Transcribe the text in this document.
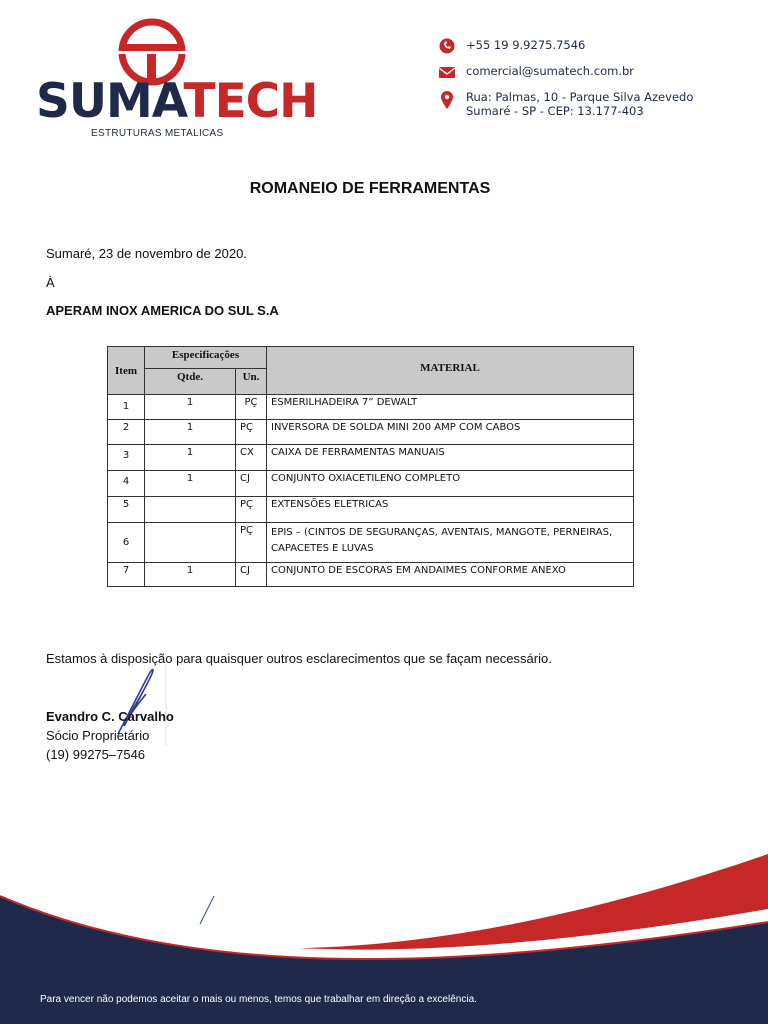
SUMATECH
ESTRUTURAS METALICAS
+55 19 9.9275.7546
comercial@sumatech.com.br
Rua: Palmas, 10 - Parque Silva Azevedo
Sumaré - SP - CEP: 13.177-403
ROMANEIO DE FERRAMENTAS
Sumaré, 23 de novembro de 2020.
À
APERAM INOX AMERICA DO SUL S.A
Item	Especificações		MATERIAL
	Qtde.	Un.	
1	1	PÇ	ESMERILHADEIRA 7” DEWALT
2	1	PÇ	INVERSORA DE SOLDA MINI 200 AMP COM CABOS
3	1	CX	CAIXA DE FERRAMENTAS MANUAIS
4	1	CJ	CONJUNTO OXIACETILENO COMPLETO
5		PÇ	EXTENSÕES ELETRICAS
6		PÇ	EPIS – (CINTOS DE SEGURANÇAS, AVENTAIS, MANGOTE, PERNEIRAS, CAPACETES E LUVAS
7	1	CJ	CONJUNTO DE ESCORAS EM ANDAIMES CONFORME ANEXO
Estamos à disposição para quaisquer outros esclarecimentos que se façam necessário.
Evandro C. Carvalho
Sócio Proprietário
(19) 99275–7546
Para vencer não podemos aceitar o mais ou menos, temos que trabalhar em direção a excelência.
